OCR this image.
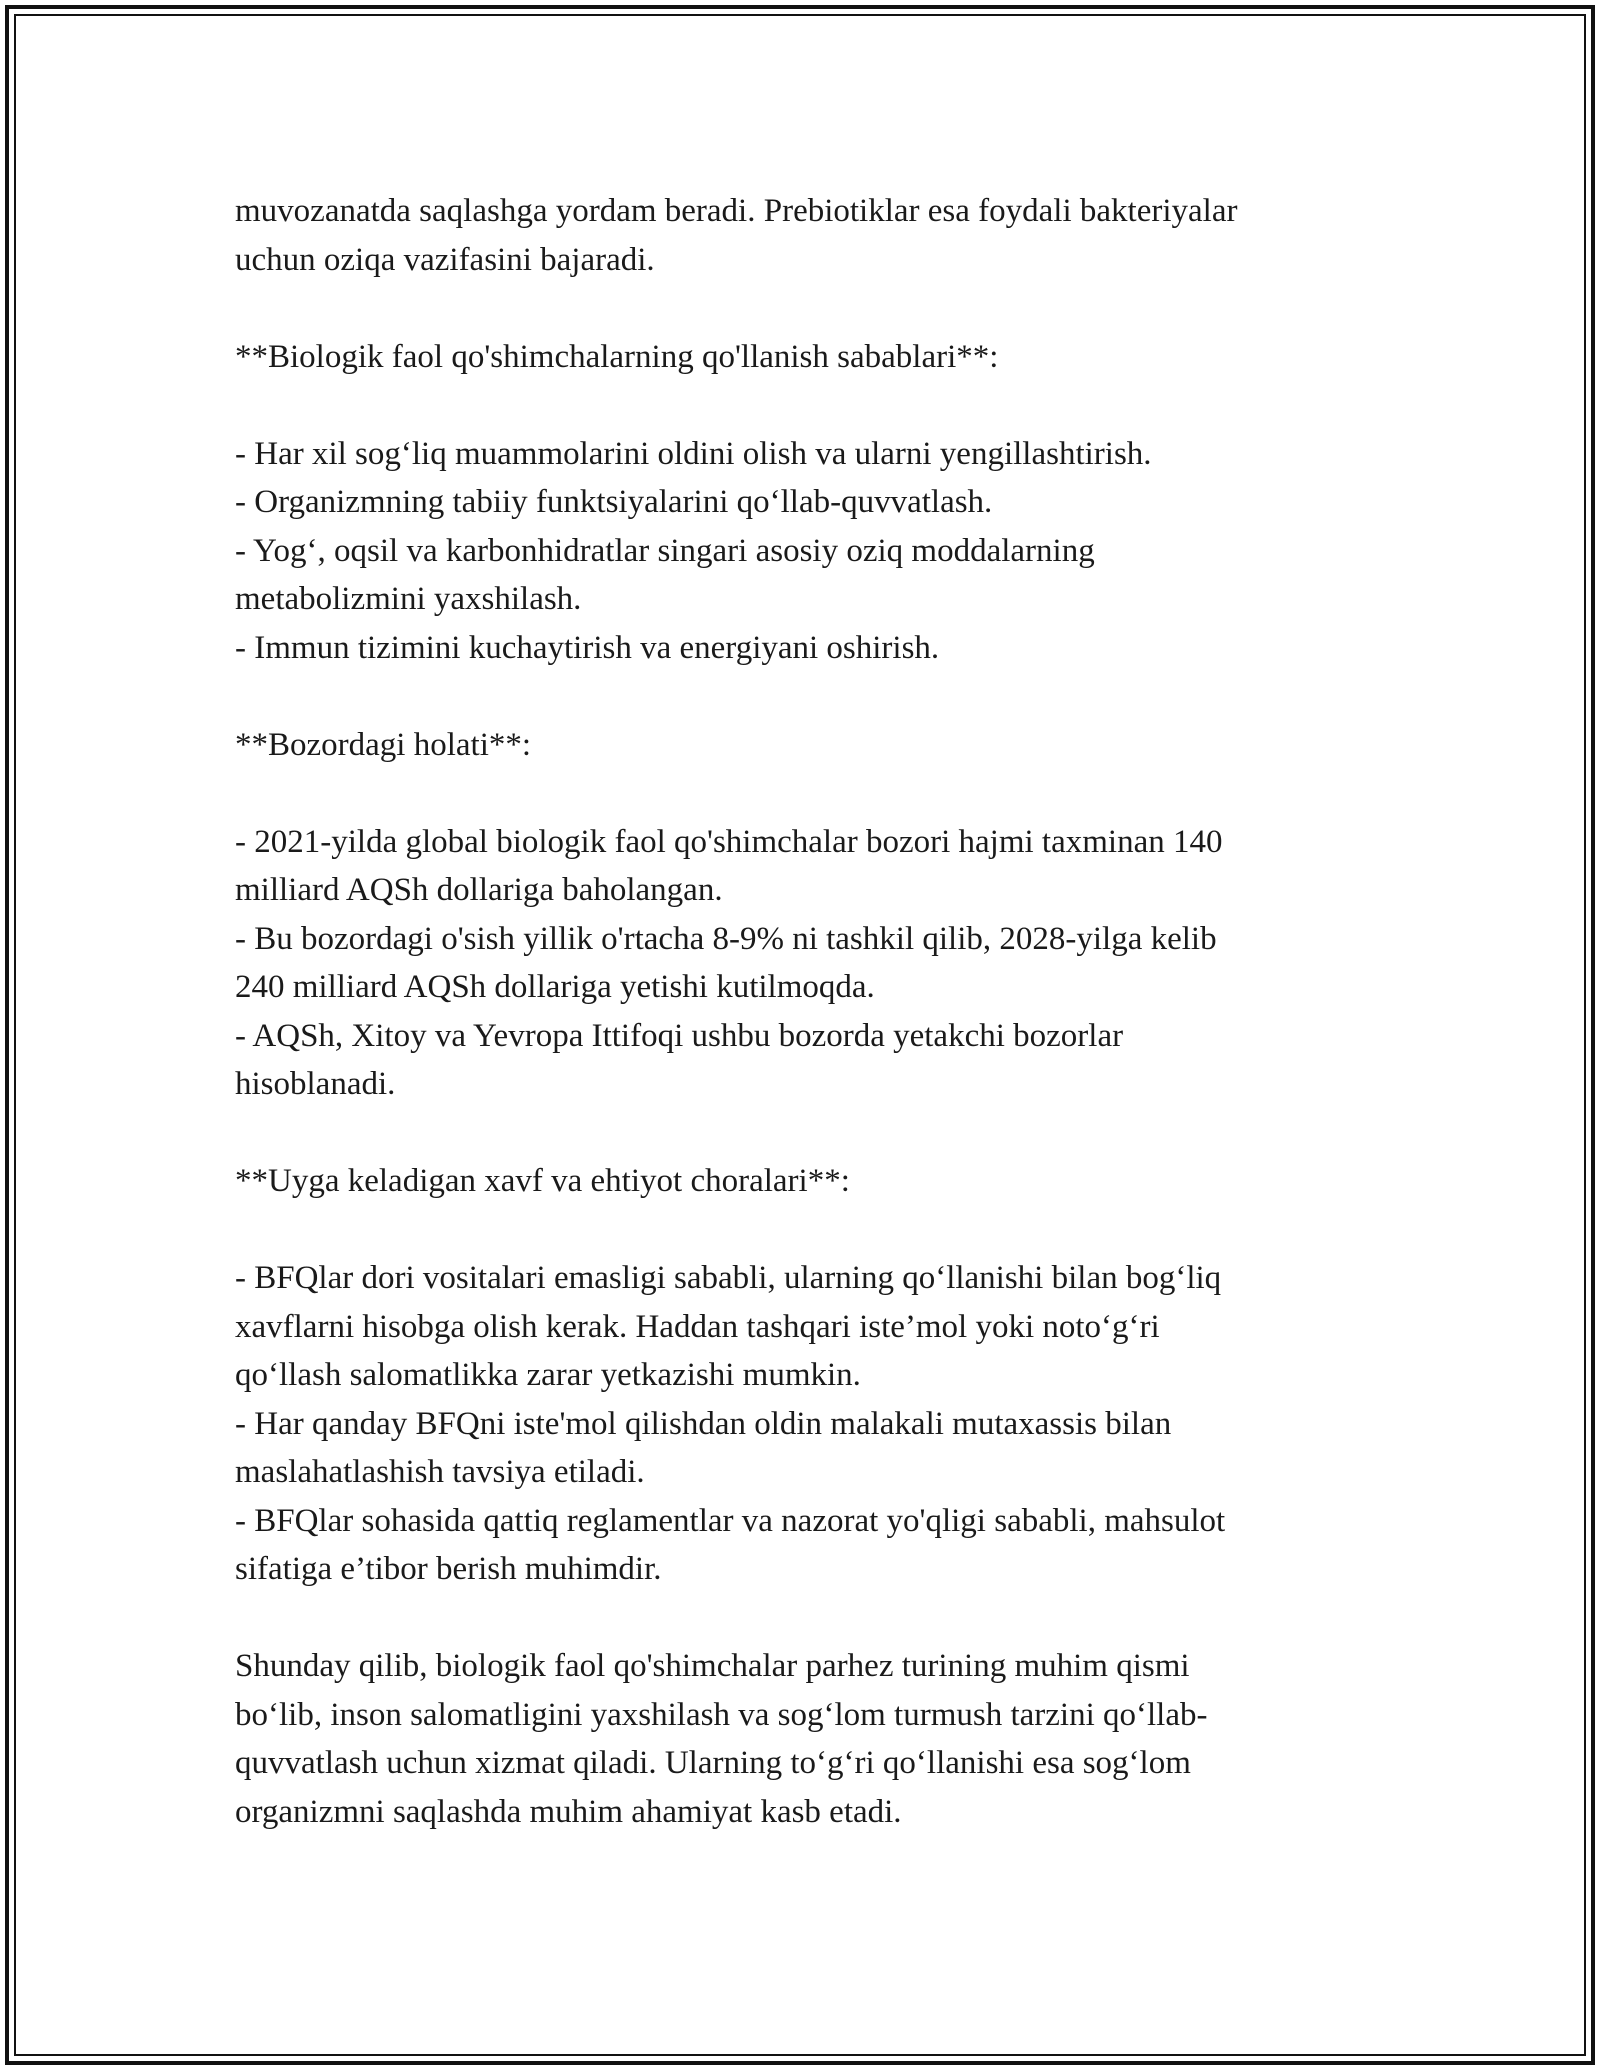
muvozanatda saqlashga yordam beradi. Prebiotiklar esa foydali bakteriyalar
uchun oziqa vazifasini bajaradi.
**Biologik faol qo'shimchalarning qo'llanish sabablari**:
- Har xil sog‘liq muammolarini oldini olish va ularni yengillashtirish.
- Organizmning tabiiy funktsiyalarini qo‘llab-quvvatlash.
- Yog‘, oqsil va karbonhidratlar singari asosiy oziq moddalarning
metabolizmini yaxshilash.
- Immun tizimini kuchaytirish va energiyani oshirish.
**Bozordagi holati**:
- 2021-yilda global biologik faol qo'shimchalar bozori hajmi taxminan 140
milliard AQSh dollariga baholangan.
- Bu bozordagi o'sish yillik o'rtacha 8-9% ni tashkil qilib, 2028-yilga kelib
240 milliard AQSh dollariga yetishi kutilmoqda.
- AQSh, Xitoy va Yevropa Ittifoqi ushbu bozorda yetakchi bozorlar
hisoblanadi.
**Uyga keladigan xavf va ehtiyot choralari**:
- BFQlar dori vositalari emasligi sababli, ularning qo‘llanishi bilan bog‘liq
xavflarni hisobga olish kerak. Haddan tashqari iste’mol yoki noto‘g‘ri
qo‘llash salomatlikka zarar yetkazishi mumkin.
- Har qanday BFQni iste'mol qilishdan oldin malakali mutaxassis bilan
maslahatlashish tavsiya etiladi.
- BFQlar sohasida qattiq reglamentlar va nazorat yo'qligi sababli, mahsulot
sifatiga e’tibor berish muhimdir.
Shunday qilib, biologik faol qo'shimchalar parhez turining muhim qismi
bo‘lib, inson salomatligini yaxshilash va sog‘lom turmush tarzini qo‘llab-
quvvatlash uchun xizmat qiladi. Ularning to‘g‘ri qo‘llanishi esa sog‘lom
organizmni saqlashda muhim ahamiyat kasb etadi.
